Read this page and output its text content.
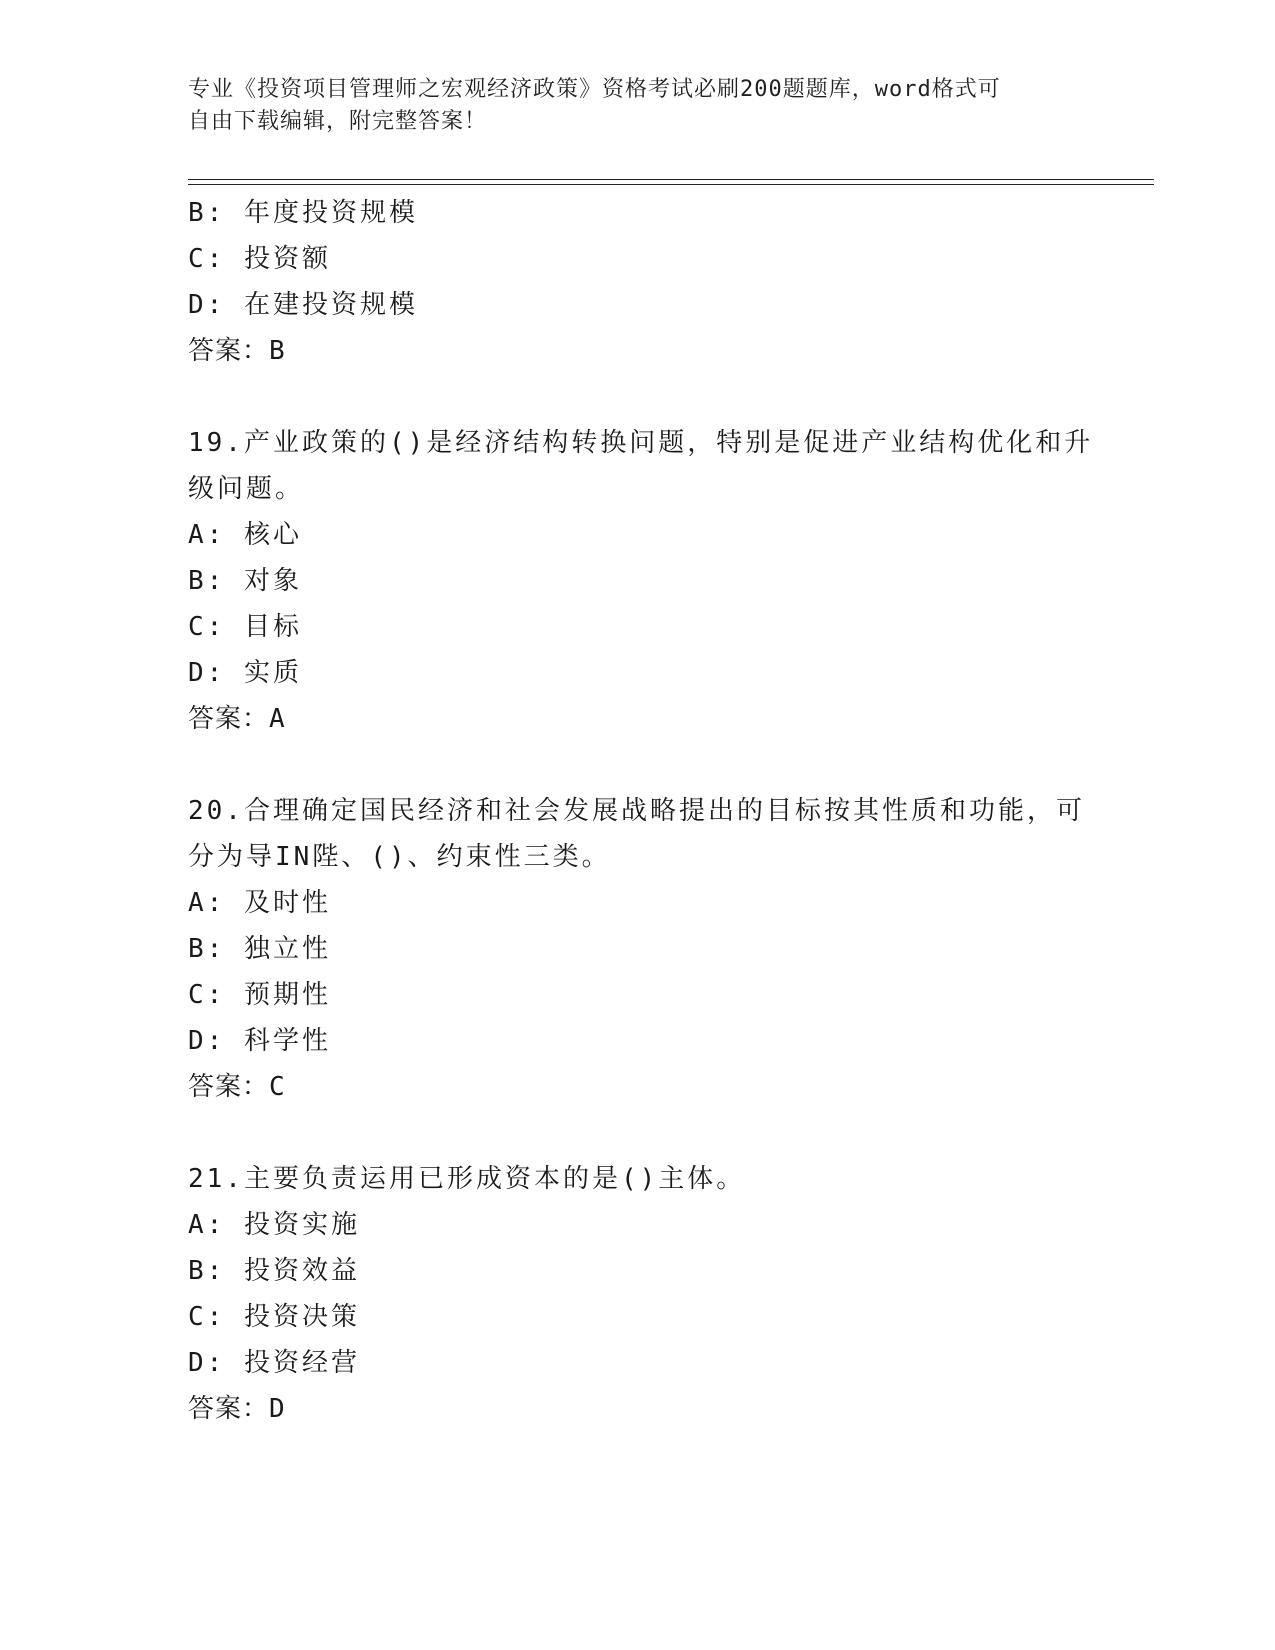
专业《投资项目管理师之宏观经济政策》资格考试必刷200题题库，word格式可
自由下载编辑，附完整答案！
B: 年度投资规模
C: 投资额
D: 在建投资规模
答案：B
19.产业政策的()是经济结构转换问题，特别是促进产业结构优化和升
级问题。
A: 核心
B: 对象
C: 目标
D: 实质
答案：A
20.合理确定国民经济和社会发展战略提出的目标按其性质和功能，可
分为导IN陛、()、约束性三类。
A: 及时性
B: 独立性
C: 预期性
D: 科学性
答案：C
21.主要负责运用已形成资本的是()主体。
A: 投资实施
B: 投资效益
C: 投资决策
D: 投资经营
答案：D
